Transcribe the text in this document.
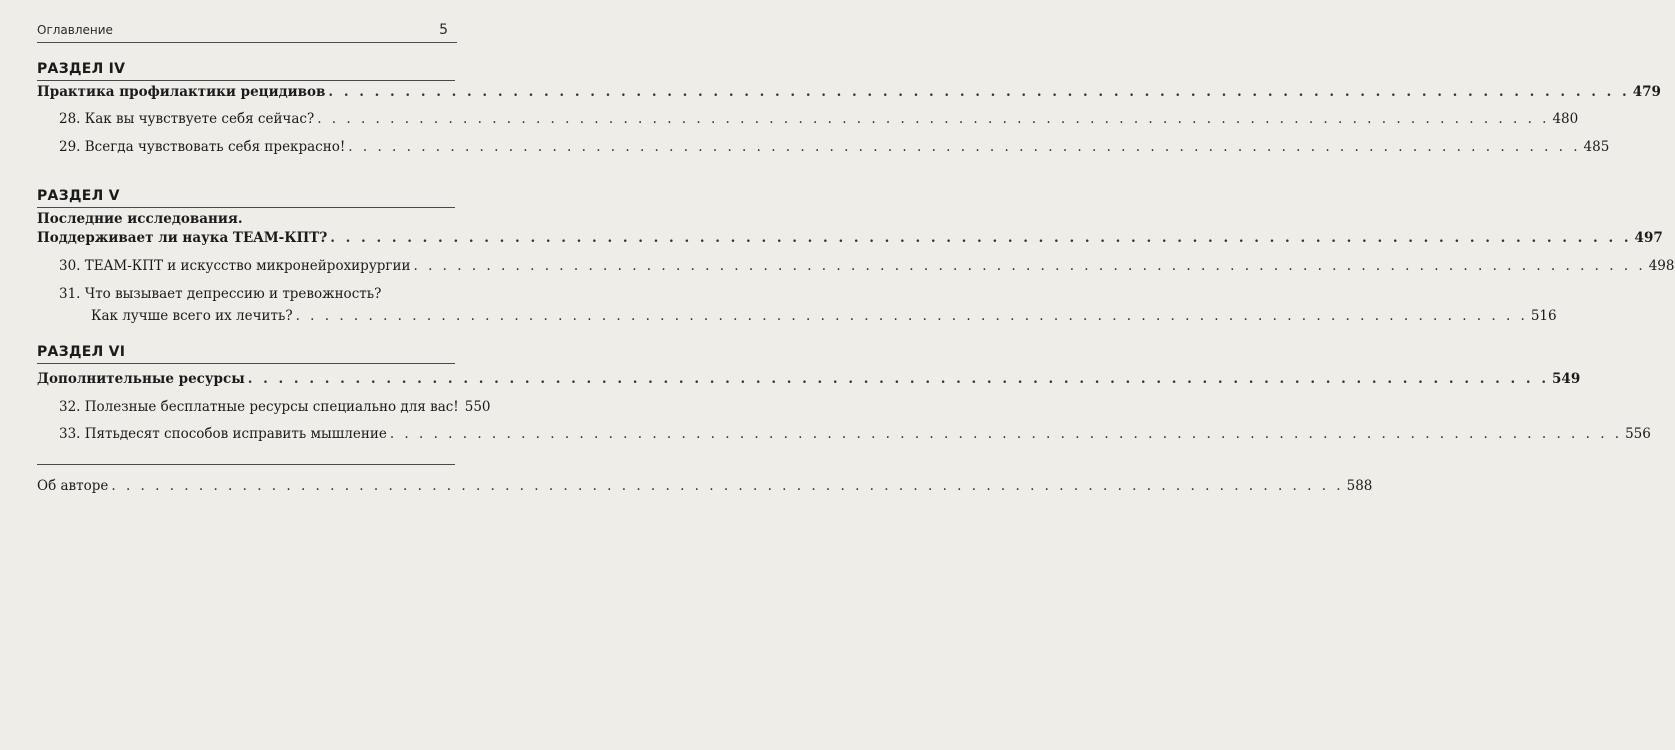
Оглавление	5
РАЗДЕЛ IV
Практика профилактики рецидивов . . .	479
28. Как вы чувствуете себя сейчас? . . .	480
29. Всегда чувствовать себя прекрасно! . . .	485
РАЗДЕЛ V
Последние исследования.
Поддерживает ли наука TEAM-КПТ? . . .	497
30. TEAM-КПТ и искусство микронейрохирургии . . .	498
31. Что вызывает депрессию и тревожность?
Как лучше всего их лечить? . . .	516
РАЗДЕЛ VI
Дополнительные ресурсы . . .	549
32. Полезные бесплатные ресурсы специально для вас! 550
33. Пятьдесят способов исправить мышление . . .	556
Об авторе . . .	588
